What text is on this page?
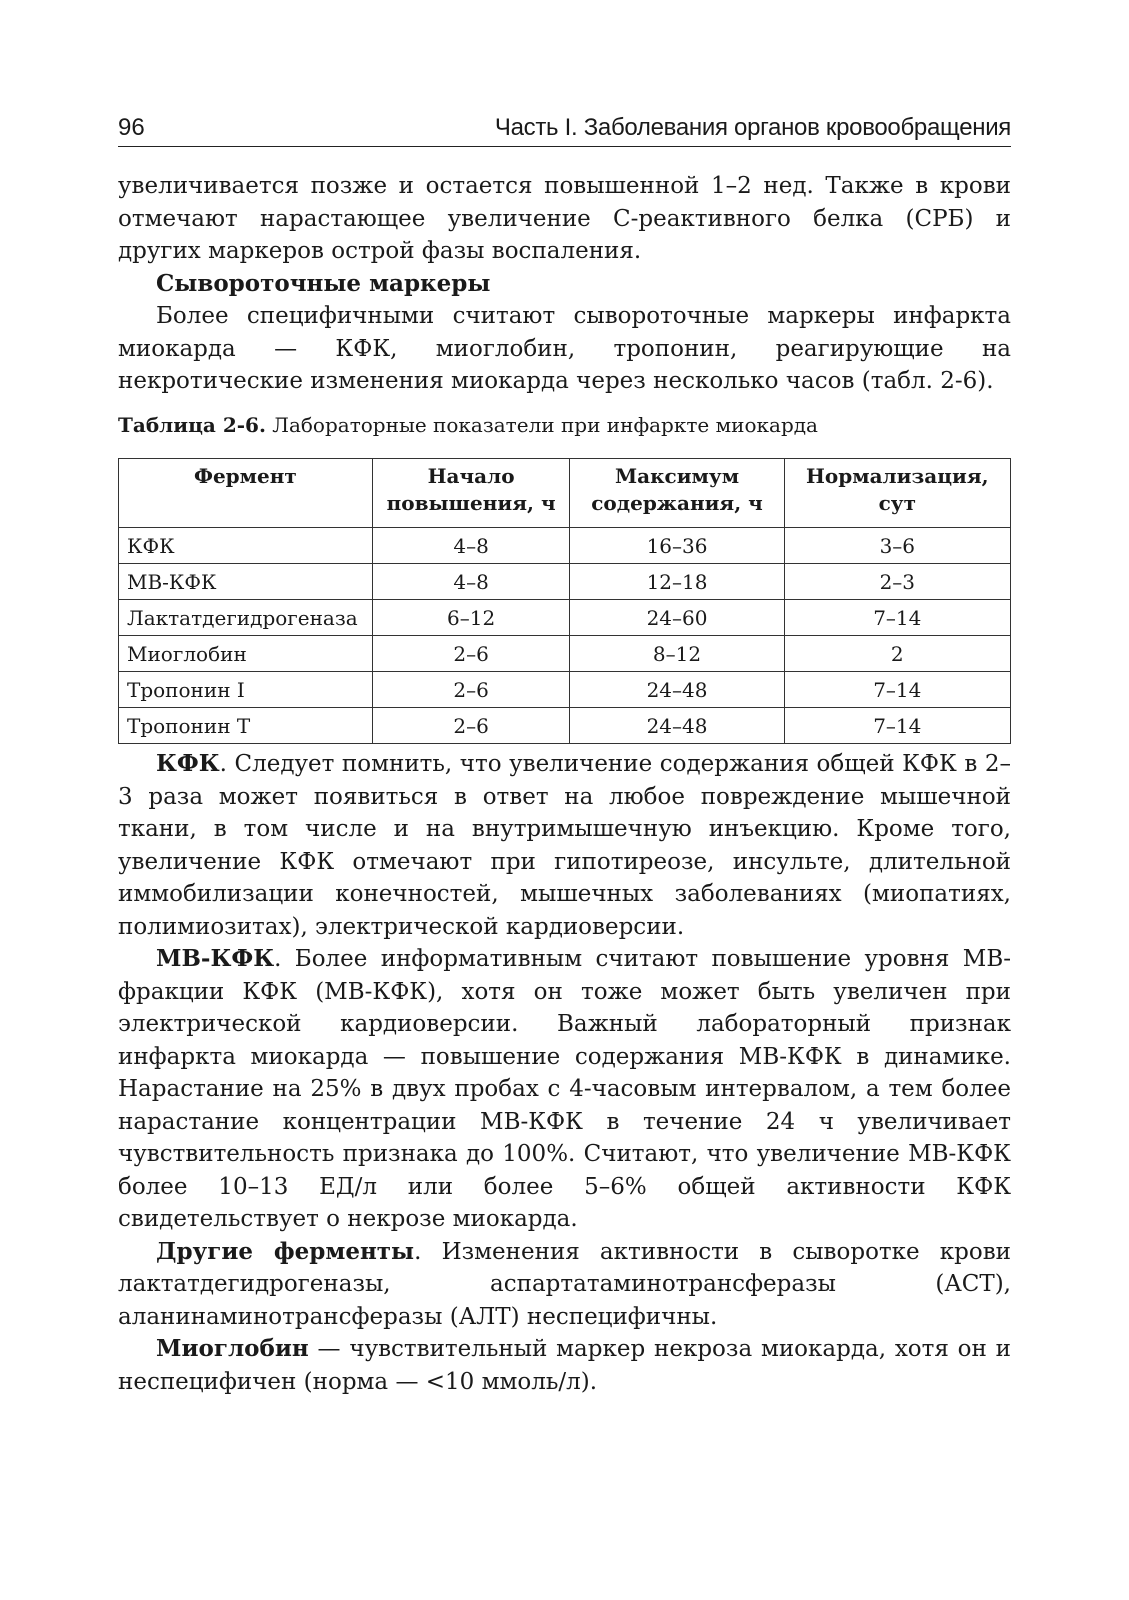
96	Часть I. Заболевания органов кровообращения

увеличивается позже и остается повышенной 1–2 нед. Также в крови отмечают нарастающее увеличение С-реактивного белка (СРБ) и других маркеров острой фазы воспаления.

Сывороточные маркеры

Более специфичными считают сывороточные маркеры инфаркта миокарда — КФК, миоглобин, тропонин, реагирующие на некротические изменения миокарда через несколько часов (табл. 2-6).

Таблица 2-6. Лабораторные показатели при инфаркте миокарда
Фермент	Начало повышения, ч	Максимум содержания, ч	Нормализация, сут
КФК	4–8	16–36	3–6
МВ-КФК	4–8	12–18	2–3
Лактатдегидрогеназа	6–12	24–60	7–14
Миоглобин	2–6	8–12	2
Тропонин I	2–6	24–48	7–14
Тропонин T	2–6	24–48	7–14

КФК. Следует помнить, что увеличение содержания общей КФК в 2–3 раза может появиться в ответ на любое повреждение мышечной ткани, в том числе и на внутримышечную инъекцию. Кроме того, увеличение КФК отмечают при гипотиреозе, инсульте, длительной иммобилизации конечностей, мышечных заболеваниях (миопатиях, полимиозитах), электрической кардиоверсии.

МВ-КФК. Более информативным считают повышение уровня МВ-фракции КФК (МВ-КФК), хотя он тоже может быть увеличен при электрической кардиоверсии. Важный лабораторный признак инфаркта миокарда — повышение содержания МВ-КФК в динамике. Нарастание на 25% в двух пробах с 4-часовым интервалом, а тем более нарастание концентрации МВ-КФК в течение 24 ч увеличивает чувствительность признака до 100%. Считают, что увеличение МВ-КФК более 10–13 ЕД/л или более 5–6% общей активности КФК свидетельствует о некрозе миокарда.

Другие ферменты. Изменения активности в сыворотке крови лактатдегидрогеназы, аспартатаминотрансферазы (АСТ), аланинаминотрансферазы (АЛТ) неспецифичны.

Миоглобин — чувствительный маркер некроза миокарда, хотя он и неспецифичен (норма — <10 ммоль/л).
